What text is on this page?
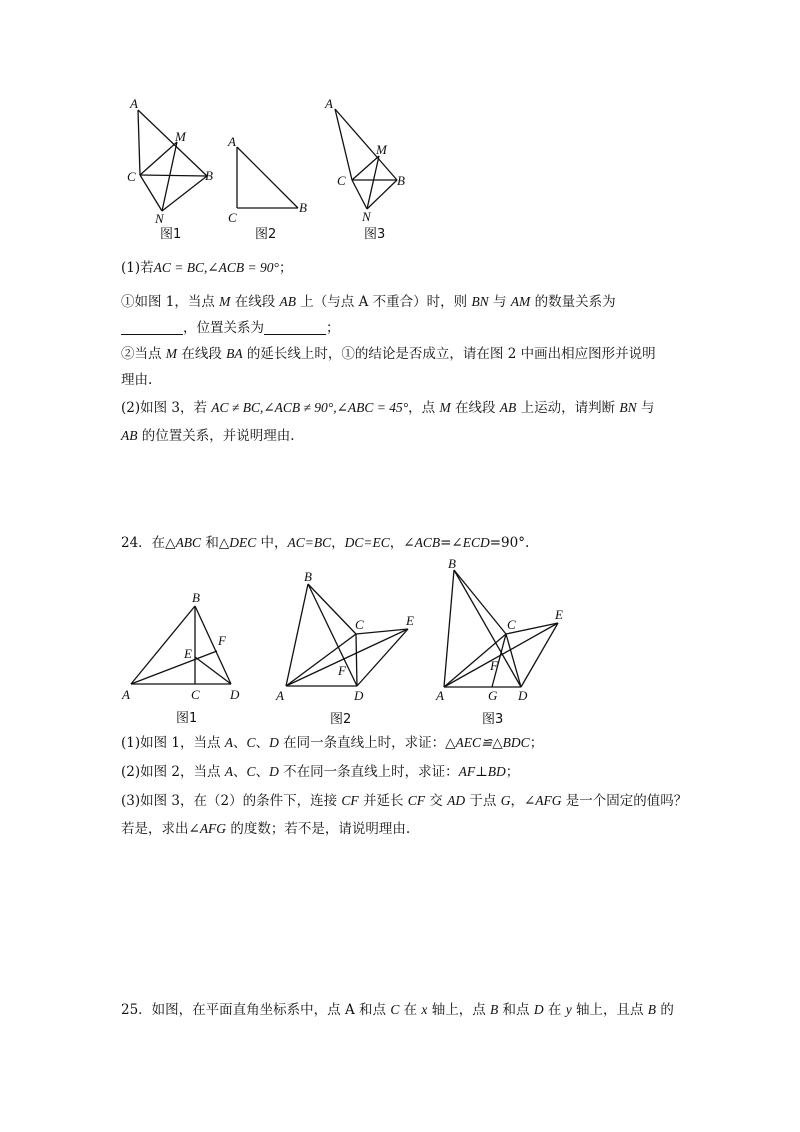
A
M
C	B
N
图1
A
C
B
图2
A
M
C	B
N
图3
(1)若AC = BC,∠ACB = 90°；
①如图 1，当点 M 在线段 AB 上（与点 A 不重合）时，则 BN 与 AM 的数量关系为
，位置关系为	；
②当点 M 在线段 BA 的延长线上时，①的结论是否成立，请在图 2 中画出相应图形并说明
理由.
(2)如图 3，若 AC ≠ BC,∠ACB ≠ 90°,∠ABC = 45°，点 M 在线段 AB 上运动，请判断 BN 与
AB 的位置关系，并说明理由.
24．在△ABC 和△DEC 中，AC=BC，DC=EC，∠ACB=∠ECD=90°.
B
F
E
A	C D
图1
B
C	E
F
A	D
图2
B
C
E
F
A	G D
图3
(1)如图 1，当点 A、C、D 在同一条直线上时，求证：△AEC≌△BDC；
(2)如图 2，当点 A、C、D 不在同一条直线上时，求证：AF⊥BD；
(3)如图 3，在（2）的条件下，连接 CF 并延长 CF 交 AD 于点 G，∠AFG 是一个固定的值吗？
若是，求出∠AFG 的度数；若不是，请说明理由.
25．如图，在平面直角坐标系中，点 A 和点 C 在 x 轴上，点 B 和点 D 在 y 轴上，且点 B 的
